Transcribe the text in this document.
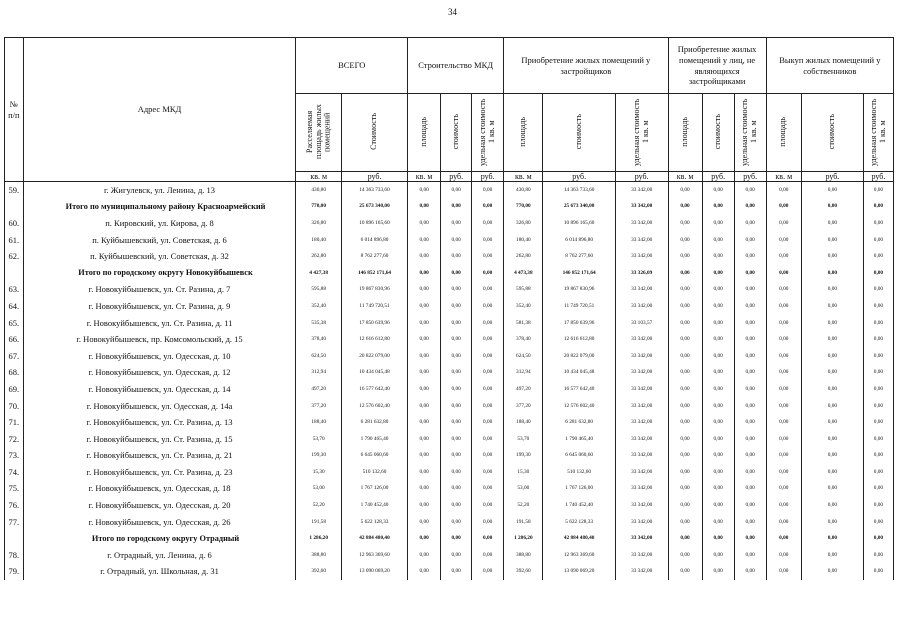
34
№
п/п	Адрес МКД	ВСЕГО		Строительство МКД			Приобретение жилых помещений у застройщиков			Приобретение жилых помещений у лиц, не являющихся застройщиками			Выкуп жилых помещений у собственников		
		Расселяемая площадь жилых помещений	Стоимость	площадь	стоимость	удельная стоимость 1 кв. м	площадь	стоимость	удельная стоимость 1 кв. м	площадь	стоимость	удельная стоимость 1 кв. м	площадь	стоимость	удельная стоимость 1 кв. м
		кв. м	руб.	кв. м	руб.	руб.	кв. м	руб.	руб.	кв. м	руб.	руб.	кв. м	руб.	руб.
59.	г. Жигулевск, ул. Ленина, д. 13	430,80	14 363 733,60	0,00	0,00	0,00	430,80	14 363 733,60	33 342,00	0,00	0,00	0,00	0,00	0,00	0,00
	Итого по муниципальному району Красноармейский	770,00	25 673 340,00	0,00	0,00	0,00	770,00	25 673 340,00	33 342,00	0,00	0,00	0,00	0,00	0,00	0,00
60.	п. Кировский, ул. Кирова, д. 8	326,80	10 896 165,60	0,00	0,00	0,00	326,80	10 896 165,60	33 342,00	0,00	0,00	0,00	0,00	0,00	0,00
61.	п. Куйбышевский, ул. Советская, д. 6	180,40	6 014 896,80	0,00	0,00	0,00	180,40	6 014 896,80	33 342,00	0,00	0,00	0,00	0,00	0,00	0,00
62.	п. Куйбышевский, ул. Советская, д. 32	262,80	8 762 277,60	0,00	0,00	0,00	262,80	8 762 277,60	33 342,00	0,00	0,00	0,00	0,00	0,00	0,00
	Итого по городскому округу Новокуйбышевск	4 427,38	146 852 171,64	0,00	0,00	0,00	4 473,38	146 852 171,64	33 326,09	0,00	0,00	0,00	0,00	0,00	0,00
63.	г. Новокуйбышевск, ул. Ст. Разина, д. 7	595,88	19 867 830,96	0,00	0,00	0,00	595,88	19 867 830,96	33 342,00	0,00	0,00	0,00	0,00	0,00	0,00
64.	г. Новокуйбышевск, ул. Ст. Разина, д. 9	352,40	11 749 720,51	0,00	0,00	0,00	352,40	11 749 720,51	33 342,00	0,00	0,00	0,00	0,00	0,00	0,00
65.	г. Новокуйбышевск, ул. Ст. Разина, д. 11	535,38	17 850 639,96	0,00	0,00	0,00	581,38	17 850 639,96	33 103,57	0,00	0,00	0,00	0,00	0,00	0,00
66.	г. Новокуйбышевск, пр. Комсомольский, д. 15	378,40	12 616 612,80	0,00	0,00	0,00	378,40	12 616 612,80	33 342,00	0,00	0,00	0,00	0,00	0,00	0,00
67.	г. Новокуйбышевск, ул. Одесская, д. 10	624,50	20 822 079,00	0,00	0,00	0,00	624,50	20 822 079,00	33 342,00	0,00	0,00	0,00	0,00	0,00	0,00
68.	г. Новокуйбышевск, ул. Одесская, д. 12	312,94	10 434 045,48	0,00	0,00	0,00	312,94	10 434 045,48	33 342,00	0,00	0,00	0,00	0,00	0,00	0,00
69.	г. Новокуйбышевск, ул. Одесская, д. 14	497,20	16 577 642,40	0,00	0,00	0,00	497,20	16 577 642,40	33 342,00	0,00	0,00	0,00	0,00	0,00	0,00
70.	г. Новокуйбышевск, ул. Одесская, д. 14а	377,20	12 576 602,40	0,00	0,00	0,00	377,20	12 576 602,40	33 342,00	0,00	0,00	0,00	0,00	0,00	0,00
71.	г. Новокуйбышевск, ул. Ст. Разина, д. 13	188,40	6 281 632,80	0,00	0,00	0,00	188,40	6 281 632,80	33 342,00	0,00	0,00	0,00	0,00	0,00	0,00
72.	г. Новокуйбышевск, ул. Ст. Разина, д. 15	53,70	1 790 465,40	0,00	0,00	0,00	53,70	1 790 465,40	33 342,00	0,00	0,00	0,00	0,00	0,00	0,00
73.	г. Новокуйбышевск, ул. Ст. Разина, д. 21	199,30	6 645 060,60	0,00	0,00	0,00	199,30	6 645 060,60	33 342,00	0,00	0,00	0,00	0,00	0,00	0,00
74.	г. Новокуйбышевск, ул. Ст. Разина, д. 23	15,30	510 132,60	0,00	0,00	0,00	15,30	510 132,60	33 342,00	0,00	0,00	0,00	0,00	0,00	0,00
75.	г. Новокуйбышевск, ул. Одесская, д. 18	53,00	1 767 126,00	0,00	0,00	0,00	53,00	1 767 126,00	33 342,00	0,00	0,00	0,00	0,00	0,00	0,00
76.	г. Новокуйбышевск, ул. Одесская, д. 20	52,20	1 740 452,40	0,00	0,00	0,00	52,20	1 740 452,40	33 342,00	0,00	0,00	0,00	0,00	0,00	0,00
77.	г. Новокуйбышевск, ул. Одесская, д. 26	191,58	5 622 128,33	0,00	0,00	0,00	191,58	5 622 128,33	33 342,00	0,00	0,00	0,00	0,00	0,00	0,00
	Итого по городскому округу Отрадный	1 286,20	42 884 480,40	0,00	0,00	0,00	1 286,20	42 884 480,40	33 342,00	0,00	0,00	0,00	0,00	0,00	0,00
78.	г. Отрадный, ул. Ленина, д. 6	388,80	12 963 369,60	0,00	0,00	0,00	388,80	12 963 369,60	33 342,00	0,00	0,00	0,00	0,00	0,00	0,00
79.	г. Отрадный, ул. Школьная, д. 31	392,60	13 090 069,20	0,00	0,00	0,00	392,60	13 090 069,20	33 342,00	0,00	0,00	0,00	0,00	0,00	0,00
